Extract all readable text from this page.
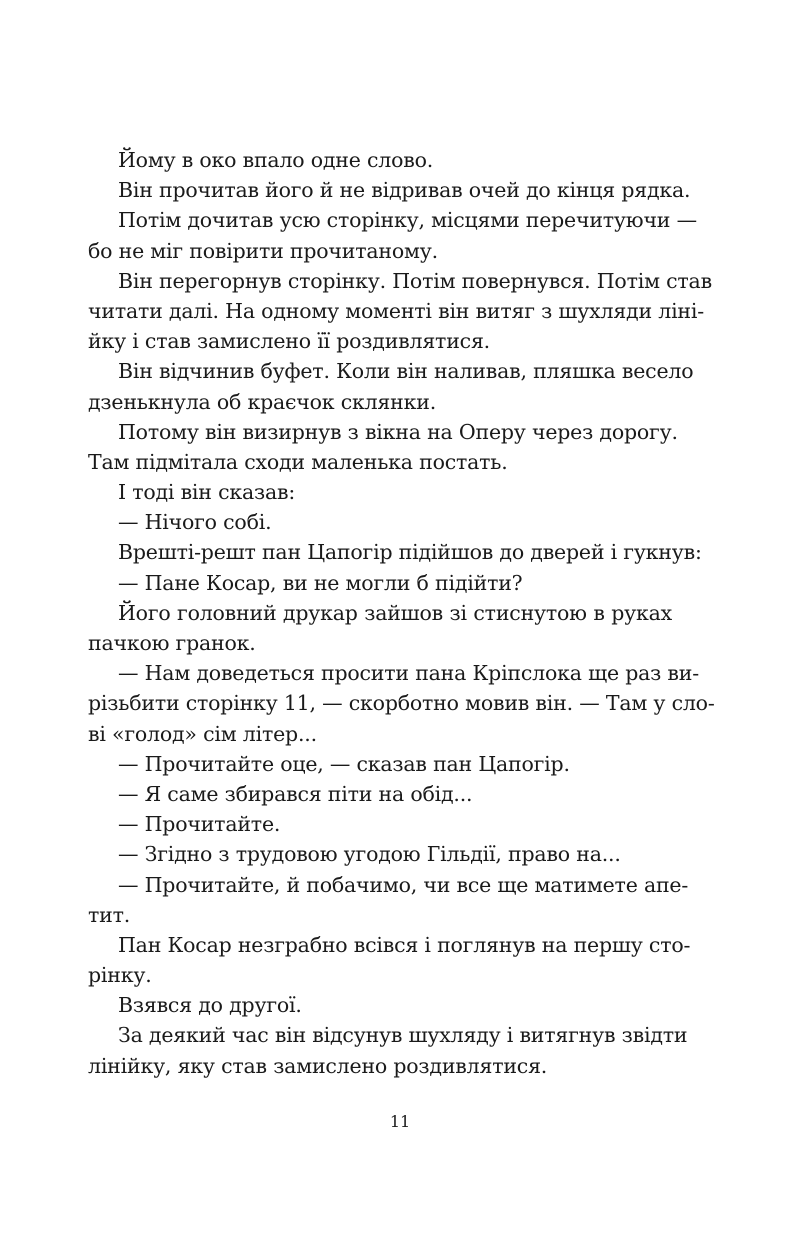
Йому в око впало одне слово.
Він прочитав його й не відривав очей до кінця рядка.
Потім дочитав усю сторінку, місцями перечитуючи —
бо не міг повірити прочитаному.
Він перегорнув сторінку. Потім повернувся. Потім став
читати далі. На одному моменті він витяг з шухляди ліні-
йку і став замислено її роздивлятися.
Він відчинив буфет. Коли він наливав, пляшка весело
дзенькнула об краєчок склянки.
Потому він визирнув з вікна на Оперу через дорогу.
Там підмітала сходи маленька постать.
І тоді він сказав:
— Нічого собі.
Врешті-решт пан Цапогір підійшов до дверей і гукнув:
— Пане Косар, ви не могли б підійти?
Його головний друкар зайшов зі стиснутою в руках
пачкою гранок.
— Нам доведеться просити пана Кріпслока ще раз ви-
різьбити сторінку 11, — скорботно мовив він. — Там у сло-
ві «голод» сім літер...
— Прочитайте оце, — сказав пан Цапогір.
— Я саме збирався піти на обід...
— Прочитайте.
— Згідно з трудовою угодою Гільдії, право на...
— Прочитайте, й побачимо, чи все ще матимете апе-
тит.
Пан Косар незграбно всівся і поглянув на першу сто-
рінку.
Взявся до другої.
За деякий час він відсунув шухляду і витягнув звідти
лінійку, яку став замислено роздивлятися.
11
